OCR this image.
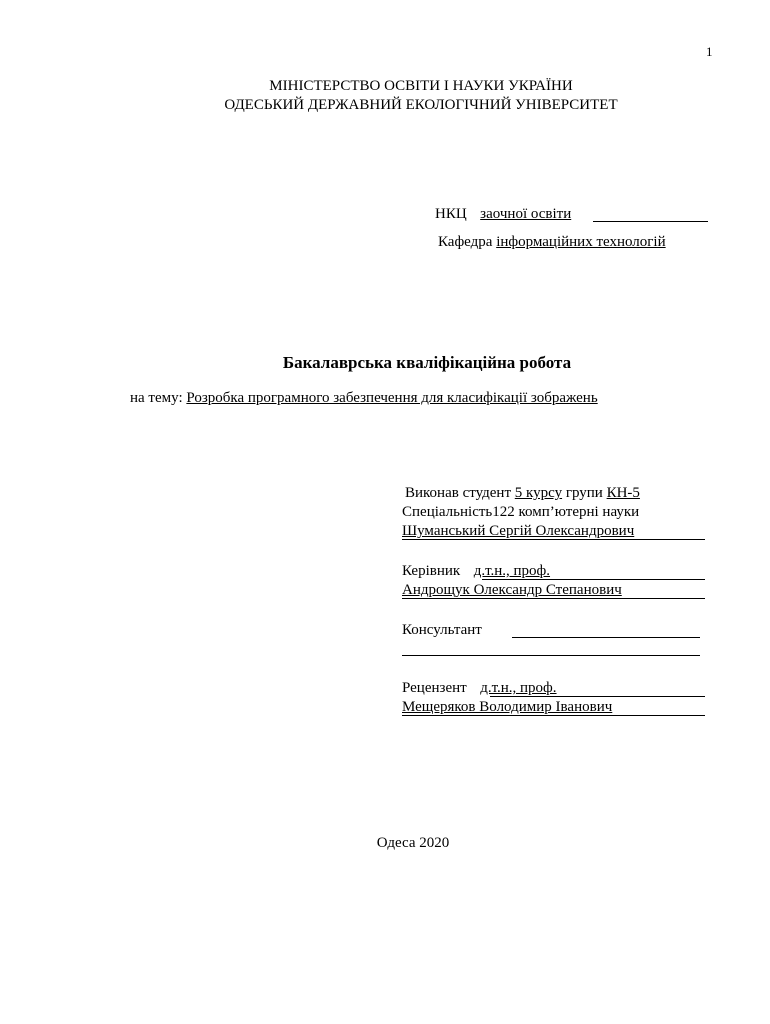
1
МІНІСТЕРСТВО ОСВІТИ І НАУКИ УКРАЇНИ
ОДЕСЬКИЙ ДЕРЖАВНИЙ ЕКОЛОГІЧНИЙ УНІВЕРСИТЕТ
НКЦ заочної освіти
Кафедра інформаційних технологій
Бакалаврська кваліфікаційна робота
на тему: Розробка програмного забезпечення для класифікації зображень
Виконав студент 5 курсу групи КН-5
Спеціальність122 комп’ютерні науки
Шуманський Сергій Олександрович
Керівник д.т.н., проф.
Андрощук Олександр Степанович
Консультант
Рецензент д.т.н., проф.
Мещеряков Володимир Іванович
Одеса 2020
